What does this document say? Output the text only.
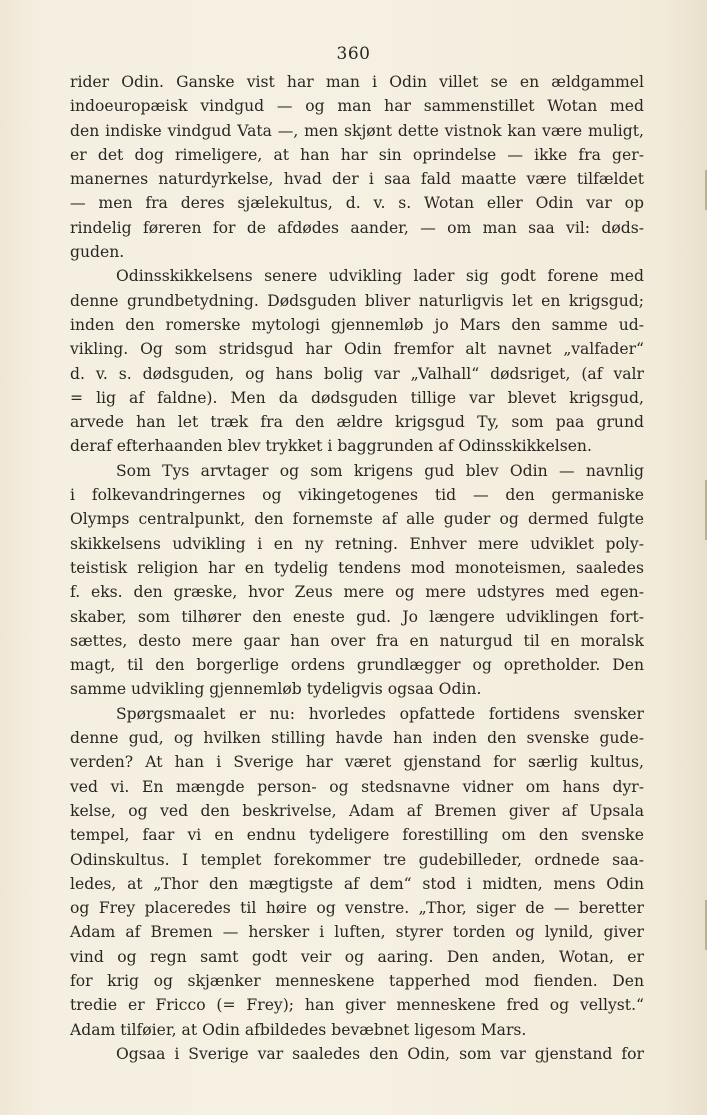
360
rider Odin. Ganske vist har man i Odin villet se en ældgammel
indoeuropæisk vindgud — og man har sammenstillet Wotan med
den indiske vindgud Vata —, men skjønt dette vistnok kan være muligt,
er det dog rimeligere, at han har sin oprindelse — ikke fra ger-
manernes naturdyrkelse, hvad der i saa fald maatte være tilfældet
— men fra deres sjælekultus, d. v. s. Wotan eller Odin var op
rindelig føreren for de afdødes aander, — om man saa vil: døds-
guden.
Odinsskikkelsens senere udvikling lader sig godt forene med
denne grundbetydning. Dødsguden bliver naturligvis let en krigsgud;
inden den romerske mytologi gjennemløb jo Mars den samme ud-
vikling. Og som stridsgud har Odin fremfor alt navnet „valfader“
d. v. s. dødsguden, og hans bolig var „Valhall“ dødsriget, (af valr
= lig af faldne). Men da dødsguden tillige var blevet krigsgud,
arvede han let træk fra den ældre krigsgud Ty, som paa grund
deraf efterhaanden blev trykket i baggrunden af Odinsskikkelsen.
Som Tys arvtager og som krigens gud blev Odin — navnlig
i folkevandringernes og vikingetogenes tid — den germaniske
Olymps centralpunkt, den fornemste af alle guder og dermed fulgte
skikkelsens udvikling i en ny retning. Enhver mere udviklet poly-
teistisk religion har en tydelig tendens mod monoteismen, saaledes
f. eks. den græske, hvor Zeus mere og mere udstyres med egen-
skaber, som tilhører den eneste gud. Jo længere udviklingen fort-
sættes, desto mere gaar han over fra en naturgud til en moralsk
magt, til den borgerlige ordens grundlægger og opretholder. Den
samme udvikling gjennemløb tydeligvis ogsaa Odin.
Spørgsmaalet er nu: hvorledes opfattede fortidens svensker
denne gud, og hvilken stilling havde han inden den svenske gude-
verden? At han i Sverige har været gjenstand for særlig kultus,
ved vi. En mængde person- og stedsnavne vidner om hans dyr-
kelse, og ved den beskrivelse, Adam af Bremen giver af Upsala
tempel, faar vi en endnu tydeligere forestilling om den svenske
Odinskultus. I templet forekommer tre gudebilleder, ordnede saa-
ledes, at „Thor den mægtigste af dem“ stod i midten, mens Odin
og Frey placeredes til høire og venstre. „Thor, siger de — beretter
Adam af Bremen — hersker i luften, styrer torden og lynild, giver
vind og regn samt godt veir og aaring. Den anden, Wotan, er
for krig og skjænker menneskene tapperhed mod fienden. Den
tredie er Fricco (= Frey); han giver menneskene fred og vellyst.“
Adam tilføier, at Odin afbildedes bevæbnet ligesom Mars.
Ogsaa i Sverige var saaledes den Odin, som var gjenstand for
